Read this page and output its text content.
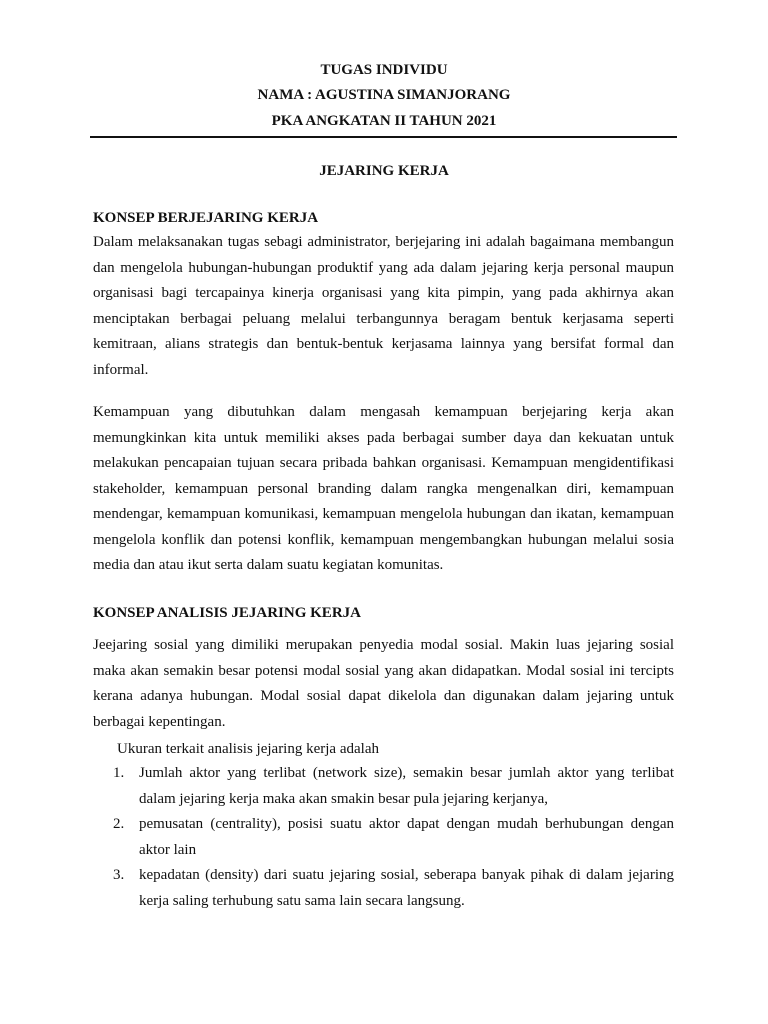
TUGAS INDIVIDU
NAMA : AGUSTINA SIMANJORANG
PKA ANGKATAN II TAHUN 2021
JEJARING KERJA
KONSEP BERJEJARING KERJA
Dalam melaksanakan tugas sebagi administrator, berjejaring ini adalah bagaimana membangun dan mengelola hubungan-hubungan produktif yang ada dalam jejaring kerja personal maupun organisasi bagi tercapainya kinerja organisasi yang kita pimpin, yang pada akhirnya akan menciptakan berbagai peluang melalui terbangunnya beragam bentuk kerjasama seperti kemitraan, alians strategis dan bentuk-bentuk kerjasama lainnya yang bersifat formal dan informal.
Kemampuan yang dibutuhkan dalam mengasah kemampuan berjejaring kerja akan memungkinkan kita untuk memiliki akses pada berbagai sumber daya dan kekuatan untuk melakukan pencapaian tujuan secara pribada bahkan organisasi. Kemampuan mengidentifikasi stakeholder, kemampuan personal branding dalam rangka mengenalkan diri, kemampuan mendengar, kemampuan komunikasi, kemampuan mengelola hubungan dan ikatan, kemampuan mengelola konflik dan potensi konflik, kemampuan mengembangkan hubungan melalui sosia media dan atau ikut serta dalam suatu kegiatan komunitas.
KONSEP ANALISIS JEJARING KERJA
Jeejaring sosial yang dimiliki merupakan penyedia modal sosial. Makin luas jejaring sosial maka akan semakin besar potensi modal sosial yang akan didapatkan. Modal sosial ini tercipts kerana adanya hubungan. Modal sosial dapat dikelola dan digunakan dalam jejaring untuk berbagai kepentingan.
Ukuran terkait analisis jejaring kerja adalah
1. Jumlah aktor yang terlibat (network size), semakin besar jumlah aktor yang terlibat dalam jejaring kerja maka akan smakin besar pula jejaring kerjanya,
2. pemusatan (centrality), posisi suatu aktor dapat dengan mudah berhubungan dengan aktor lain
3. kepadatan (density) dari suatu jejaring sosial, seberapa banyak pihak di dalam jejaring kerja saling terhubung satu sama lain secara langsung.
